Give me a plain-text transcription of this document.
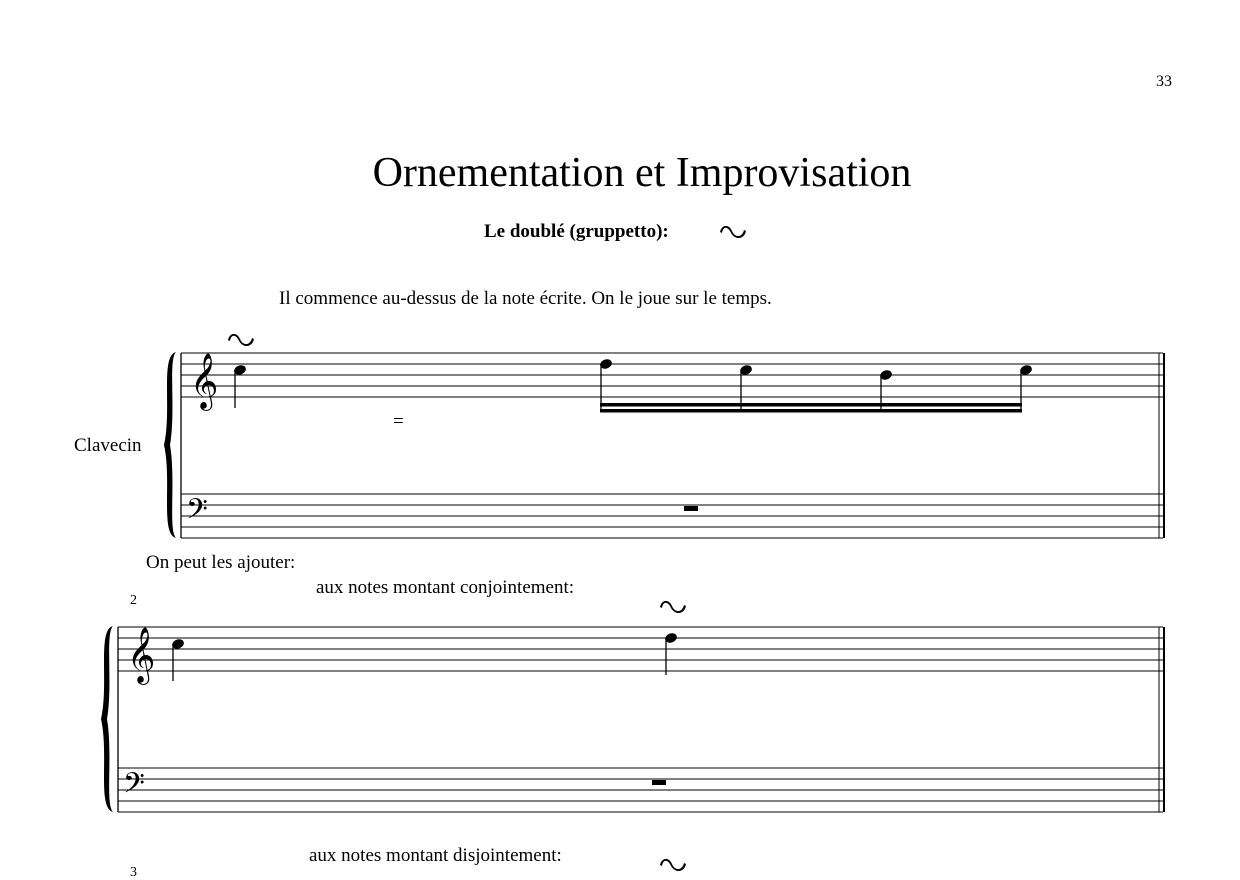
33
Ornementation et Improvisation
Le doublé (gruppetto):
Il commence au-dessus de la note écrite. On le joue sur le temps.
Clavecin
=
On peut les ajouter:
aux notes montant conjointement:
aux notes montant disjointement:
2
3
𝄞
𝄢
𝄞
𝄢
